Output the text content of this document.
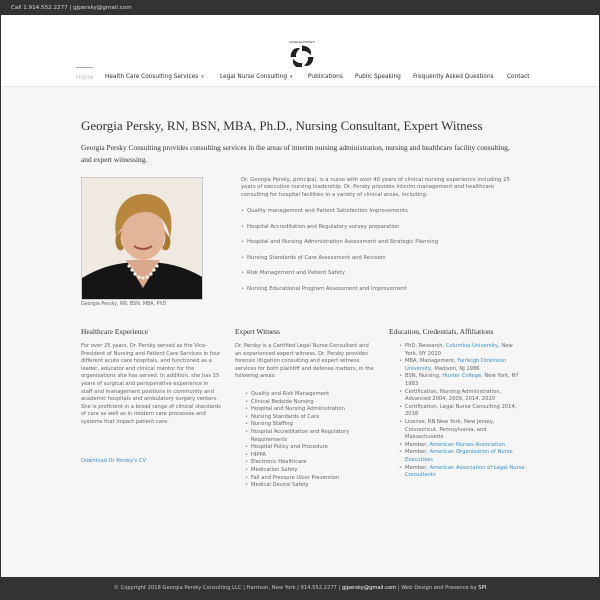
Call 1.914.552.2277 | gjpersky@gmail.com
GEORGIA PERSKY
Home Health Care Consulting Services ▾	Legal Nurse Consulting ▾	Publications Public Speaking Frequently Asked Questions Contact
Georgia Persky, RN, BSN, MBA, Ph.D., Nursing Consultant, Expert Witness
Georgia Persky Consulting provides consulting services in the areas of interim nursing administration, nursing and healthcare facility consulting, and expert witnessing.
Georgia Persky, RN, BSN, MBA, PhD
Dr. Georgia Persky, principal, is a nurse with over 40 years of clinical nursing experience including 25 years of executive nursing leadership. Dr. Persky provides interim management and healthcare consulting for hospital facilities in a variety of clinical areas, including:
• Quality management and Patient Satisfaction Improvements
• Hospital Accreditation and Regulatory survey preparation
• Hospital and Nursing Administration Assessment and Strategic Planning
• Nursing Standards of Care Assessment and Revision
• Risk Management and Patient Safety
• Nursing Educational Program Assessment and Improvement
Healthcare Experience
For over 25 years, Dr. Persky served as the Vice-President of Nursing and Patient Care Services in four different acute care hospitals, and functioned as a leader, educator and clinical mentor for the organizations she has served. In addition, she has 15 years of surgical and perioperative experience in staff and management positions in community and academic hospitals and ambulatory surgery centers. She is proficient in a broad range of clinical standards of care as well as in modern care processes and systems that impact patient care.
Download Dr Persky's CV
Expert Witness
Dr. Persky is a Certified Legal Nurse Consultant and an experienced expert witness. Dr. Persky provides forensic litigation consulting and expert witness services for both plaintiff and defense matters, in the following areas:
• Quality and Risk Management
• Clinical Bedside Nursing
• Hospital and Nursing Administration
• Nursing Standards of Care
• Nursing Staffing
• Hospital Accreditation and Regulatory Requirements
• Hospital Policy and Procedure
• HIPPA
• Electronic Healthcare
• Medication Safety
• Fall and Pressure Ulcer Prevention
• Medical Device Safety
Education, Credentials, Affiliations
• PhD, Research, Columbia University, New York, NY 2010
• MBA, Management, Fairleigh Dickinson University, Madison, NJ 1986
• BSN, Nursing, Hunter College, New York, NY 1983
• Certification, Nursing Administration, Advanced 2004, 2009, 2014, 2020
• Certification, Legal Nurse Consulting 2014, 2018
• License, RN New York, New Jersey, Connecticut, Pennsylvania, and Massachusetts
• Member, American Nurses Association
• Member, American Organization of Nurse Executives
• Member, American Association of Legal Nurse Consultants
© Copyright 2018 Georgia Persky Consulting LLC | Harrison, New York | 914.552.2277 | gjpersky@gmail.com | Web Design and Presence by SPI
